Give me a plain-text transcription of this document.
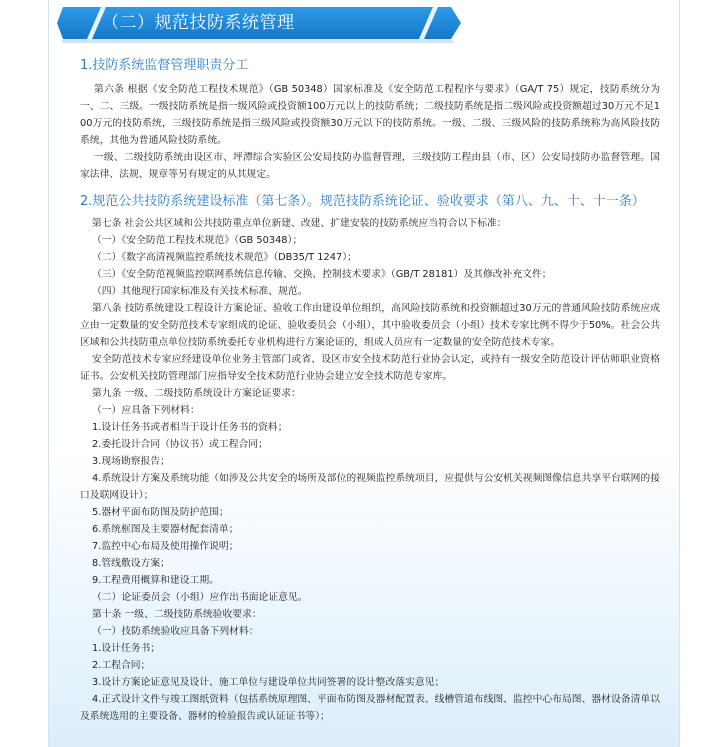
（二）规范技防系统管理

1.技防系统监督管理职责分工

第六条 根据《安全防范工程技术规范》（GB 50348）国家标准及《安全防范工程程序与要求》（GA/T 75）规定，技防系统分为一、二、三级。一级技防系统是指一级风险或投资额100万元以上的技防系统；二级技防系统是指二级风险或投资额超过30万元不足100万元的技防系统，三级技防系统是指三级风险或投资额30万元以下的技防系统。一级、二级、三级风险的技防系统称为高风险技防系统，其他为普通风险技防系统。

一级、二级技防系统由设区市、坪潭综合实验区公安局技防办监督管理，三级技防工程由县（市、区）公安局技防办监督管理。国家法律、法规、规章等另有规定的从其规定。

2.规范公共技防系统建设标准（第七条）。规范技防系统论证、验收要求（第八、九、十、十一条）

第七条 社会公共区域和公共技防重点单位新建、改建、扩建安装的技防系统应当符合以下标准：

（一）《安全防范工程技术规范》（GB 50348）；

（二）《数字高清视频监控系统技术规范》（DB35/T 1247）；

（三）《安全防范视频监控联网系统信息传输、交换、控制技术要求》（GB/T 28181）及其修改补充文件；

（四）其他现行国家标准及有关技术标准、规范。

第八条 技防系统建设工程设计方案论证、验收工作由建设单位组织，高风险技防系统和投资额超过30万元的普通风险技防系统应成立由一定数量的安全防范技术专家组成的论证、验收委员会（小组），其中验收委员会（小组）技术专家比例不得少于50%。社会公共区域和公共技防重点单位技防系统委托专业机构进行方案论证的，组成人员应有一定数量的安全防范技术专家。

安全防范技术专家应经建设单位业务主管部门或省、设区市安全技术防范行业协会认定，或持有一级安全防范设计评估师职业资格证书。公安机关技防管理部门应指导安全技术防范行业协会建立安全技术防范专家库。

第九条 一级、二级技防系统设计方案论证要求：

（一）应具备下列材料：

1.设计任务书或者相当于设计任务书的资料；

2.委托设计合同（协议书）或工程合同；

3.现场勘察报告；

4.系统设计方案及系统功能（如涉及公共安全的场所及部位的视频监控系统项目，应提供与公安机关视频图像信息共享平台联网的接口及联网设计）；

5.器材平面布防图及防护范围；

6.系统框图及主要器材配套清单；

7.监控中心布局及使用操作说明；

8.管线敷设方案；

9.工程费用概算和建设工期。

（二）论证委员会（小组）应作出书面论证意见。

第十条 一级、二级技防系统验收要求：

（一）技防系统验收应具备下列材料：

1.设计任务书；

2.工程合同；

3.设计方案论证意见及设计、施工单位与建设单位共同签署的设计整改落实意见；

4.正式设计文件与竣工图纸资料（包括系统原理图、平面布防图及器材配置表、线槽管道布线图、监控中心布局图、器材设备清单以及系统选用的主要设备、器材的检验报告或认证证书等）；
